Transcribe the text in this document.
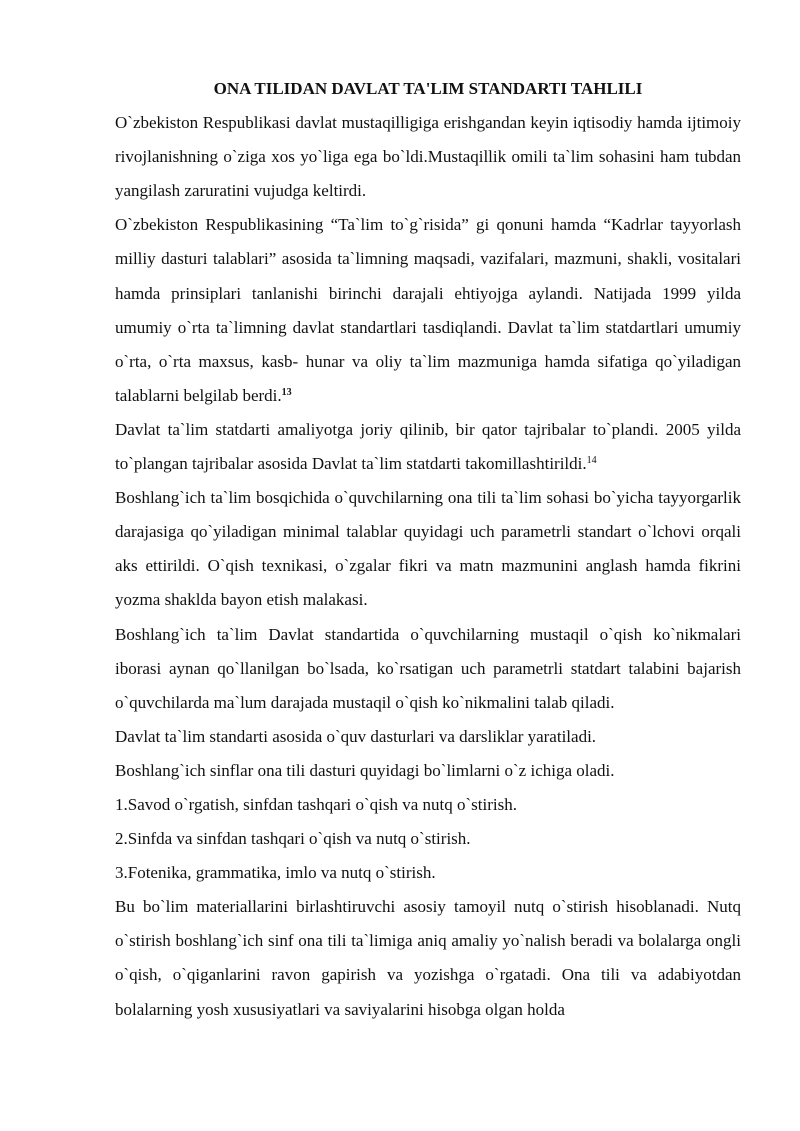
ONA TILIDAN DAVLAT TA'LIM STANDARTI TAHLILI

O`zbekiston Respublikasi davlat mustaqilligiga erishgandan keyin iqtisodiy hamda ijtimoiy rivojlanishning o`ziga xos yo`liga ega bo`ldi.Mustaqillik omili ta`lim sohasini ham tubdan yangilash zaruratini vujudga keltirdi.

O`zbekiston Respublikasining “Ta`lim to`g`risida” gi qonuni hamda “Kadrlar tayyorlash milliy dasturi talablari” asosida ta`limning maqsadi, vazifalari, mazmuni, shakli, vositalari hamda prinsiplari tanlanishi birinchi darajali ehtiyojga aylandi. Natijada 1999 yilda umumiy o`rta ta`limning davlat standartlari tasdiqlandi. Davlat ta`lim statdartlari umumiy o`rta, o`rta maxsus, kasb- hunar va oliy ta`lim mazmuniga hamda sifatiga qo`yiladigan talablarni belgilab berdi.$^{13}$

Davlat ta`lim statdarti amaliyotga joriy qilinib, bir qator tajribalar to`plandi. 2005 yilda to`plangan tajribalar asosida Davlat ta`lim statdarti takomillashtirildi.$^{14}$

Boshlang`ich ta`lim bosqichida o`quvchilarning ona tili ta`lim sohasi bo`yicha tayyorgarlik darajasiga qo`yiladigan minimal talablar quyidagi uch parametrli standart o`lchovi orqali aks ettirildi. O`qish texnikasi, o`zgalar fikri va matn mazmunini anglash hamda fikrini yozma shaklda bayon etish malakasi.

Boshlang`ich ta`lim Davlat standartida o`quvchilarning mustaqil o`qish ko`nikmalari iborasi aynan qo`llanilgan bo`lsada, ko`rsatigan uch parametrli statdart talabini bajarish o`quvchilarda ma`lum darajada mustaqil o`qish ko`nikmalini talab qiladi.

Davlat ta`lim standarti asosida o`quv dasturlari va darsliklar yaratiladi.

Boshlang`ich sinflar ona tili dasturi quyidagi bo`limlarni o`z ichiga oladi.

1.Savod o`rgatish, sinfdan tashqari o`qish va nutq o`stirish.

2.Sinfda va sinfdan tashqari o`qish va nutq o`stirish.

3.Fotenika, grammatika, imlo va nutq o`stirish.

Bu bo`lim materiallarini birlashtiruvchi asosiy tamoyil nutq o`stirish hisoblanadi. Nutq o`stirish boshlang`ich sinf ona tili ta`limiga aniq amaliy yo`nalish beradi va bolalarga ongli o`qish, o`qiganlarini ravon gapirish va yozishga o`rgatadi. Ona tili va adabiyotdan bolalarning yosh xususiyatlari va saviyalarini hisobga olgan holda
